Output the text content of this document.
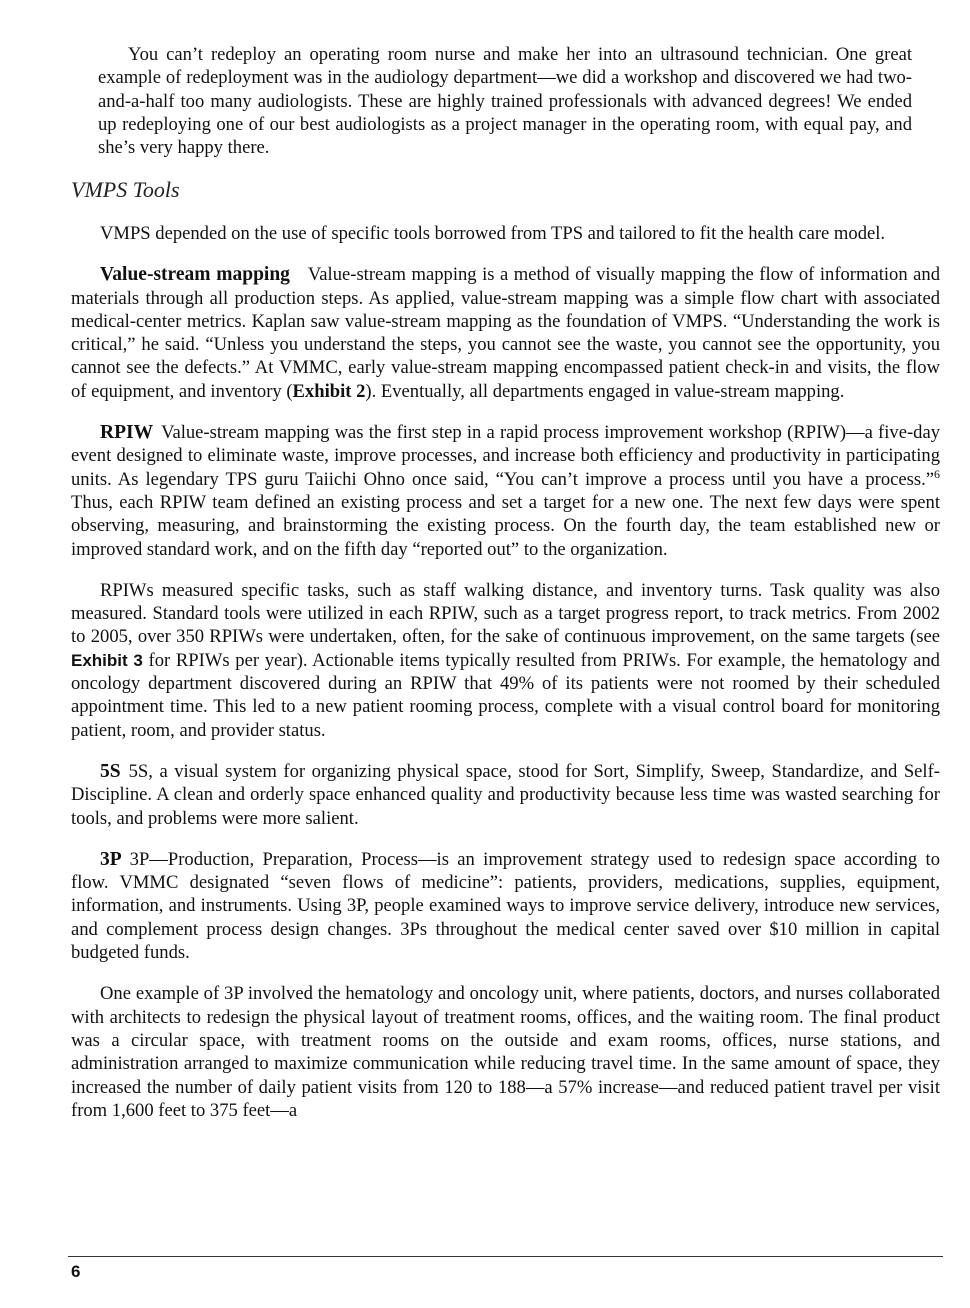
You can’t redeploy an operating room nurse and make her into an ultrasound technician. One great example of redeployment was in the audiology department—we did a workshop and discovered we had two-and-a-half too many audiologists. These are highly trained professionals with advanced degrees! We ended up redeploying one of our best audiologists as a project manager in the operating room, with equal pay, and she’s very happy there.

VMPS Tools

VMPS depended on the use of specific tools borrowed from TPS and tailored to fit the health care model.

Value-stream mapping Value-stream mapping is a method of visually mapping the flow of information and materials through all production steps. As applied, value-stream mapping was a simple flow chart with associated medical-center metrics. Kaplan saw value-stream mapping as the foundation of VMPS. “Understanding the work is critical,” he said. “Unless you understand the steps, you cannot see the waste, you cannot see the opportunity, you cannot see the defects.” At VMMC, early value-stream mapping encompassed patient check-in and visits, the flow of equipment, and inventory (Exhibit 2). Eventually, all departments engaged in value-stream mapping.

RPIW Value-stream mapping was the first step in a rapid process improvement workshop (RPIW)—a five-day event designed to eliminate waste, improve processes, and increase both efficiency and productivity in participating units. As legendary TPS guru Taiichi Ohno once said, “You can’t improve a process until you have a process.”$^6$ Thus, each RPIW team defined an existing process and set a target for a new one. The next few days were spent observing, measuring, and brainstorming the existing process. On the fourth day, the team established new or improved standard work, and on the fifth day “reported out” to the organization.

RPIWs measured specific tasks, such as staff walking distance, and inventory turns. Task quality was also measured. Standard tools were utilized in each RPIW, such as a target progress report, to track metrics. From 2002 to 2005, over 350 RPIWs were undertaken, often, for the sake of continuous improvement, on the same targets (see Exhibit 3 for RPIWs per year). Actionable items typically resulted from PRIWs. For example, the hematology and oncology department discovered during an RPIW that 49% of its patients were not roomed by their scheduled appointment time. This led to a new patient rooming process, complete with a visual control board for monitoring patient, room, and provider status.

5S 5S, a visual system for organizing physical space, stood for Sort, Simplify, Sweep, Standardize, and Self-Discipline. A clean and orderly space enhanced quality and productivity because less time was wasted searching for tools, and problems were more salient.

3P 3P—Production, Preparation, Process—is an improvement strategy used to redesign space according to flow. VMMC designated “seven flows of medicine”: patients, providers, medications, supplies, equipment, information, and instruments. Using 3P, people examined ways to improve service delivery, introduce new services, and complement process design changes. 3Ps throughout the medical center saved over $10 million in capital budgeted funds.

One example of 3P involved the hematology and oncology unit, where patients, doctors, and nurses collaborated with architects to redesign the physical layout of treatment rooms, offices, and the waiting room. The final product was a circular space, with treatment rooms on the outside and exam rooms, offices, nurse stations, and administration arranged to maximize communication while reducing travel time. In the same amount of space, they increased the number of daily patient visits from 120 to 188—a 57% increase—and reduced patient travel per visit from 1,600 feet to 375 feet—a

6
